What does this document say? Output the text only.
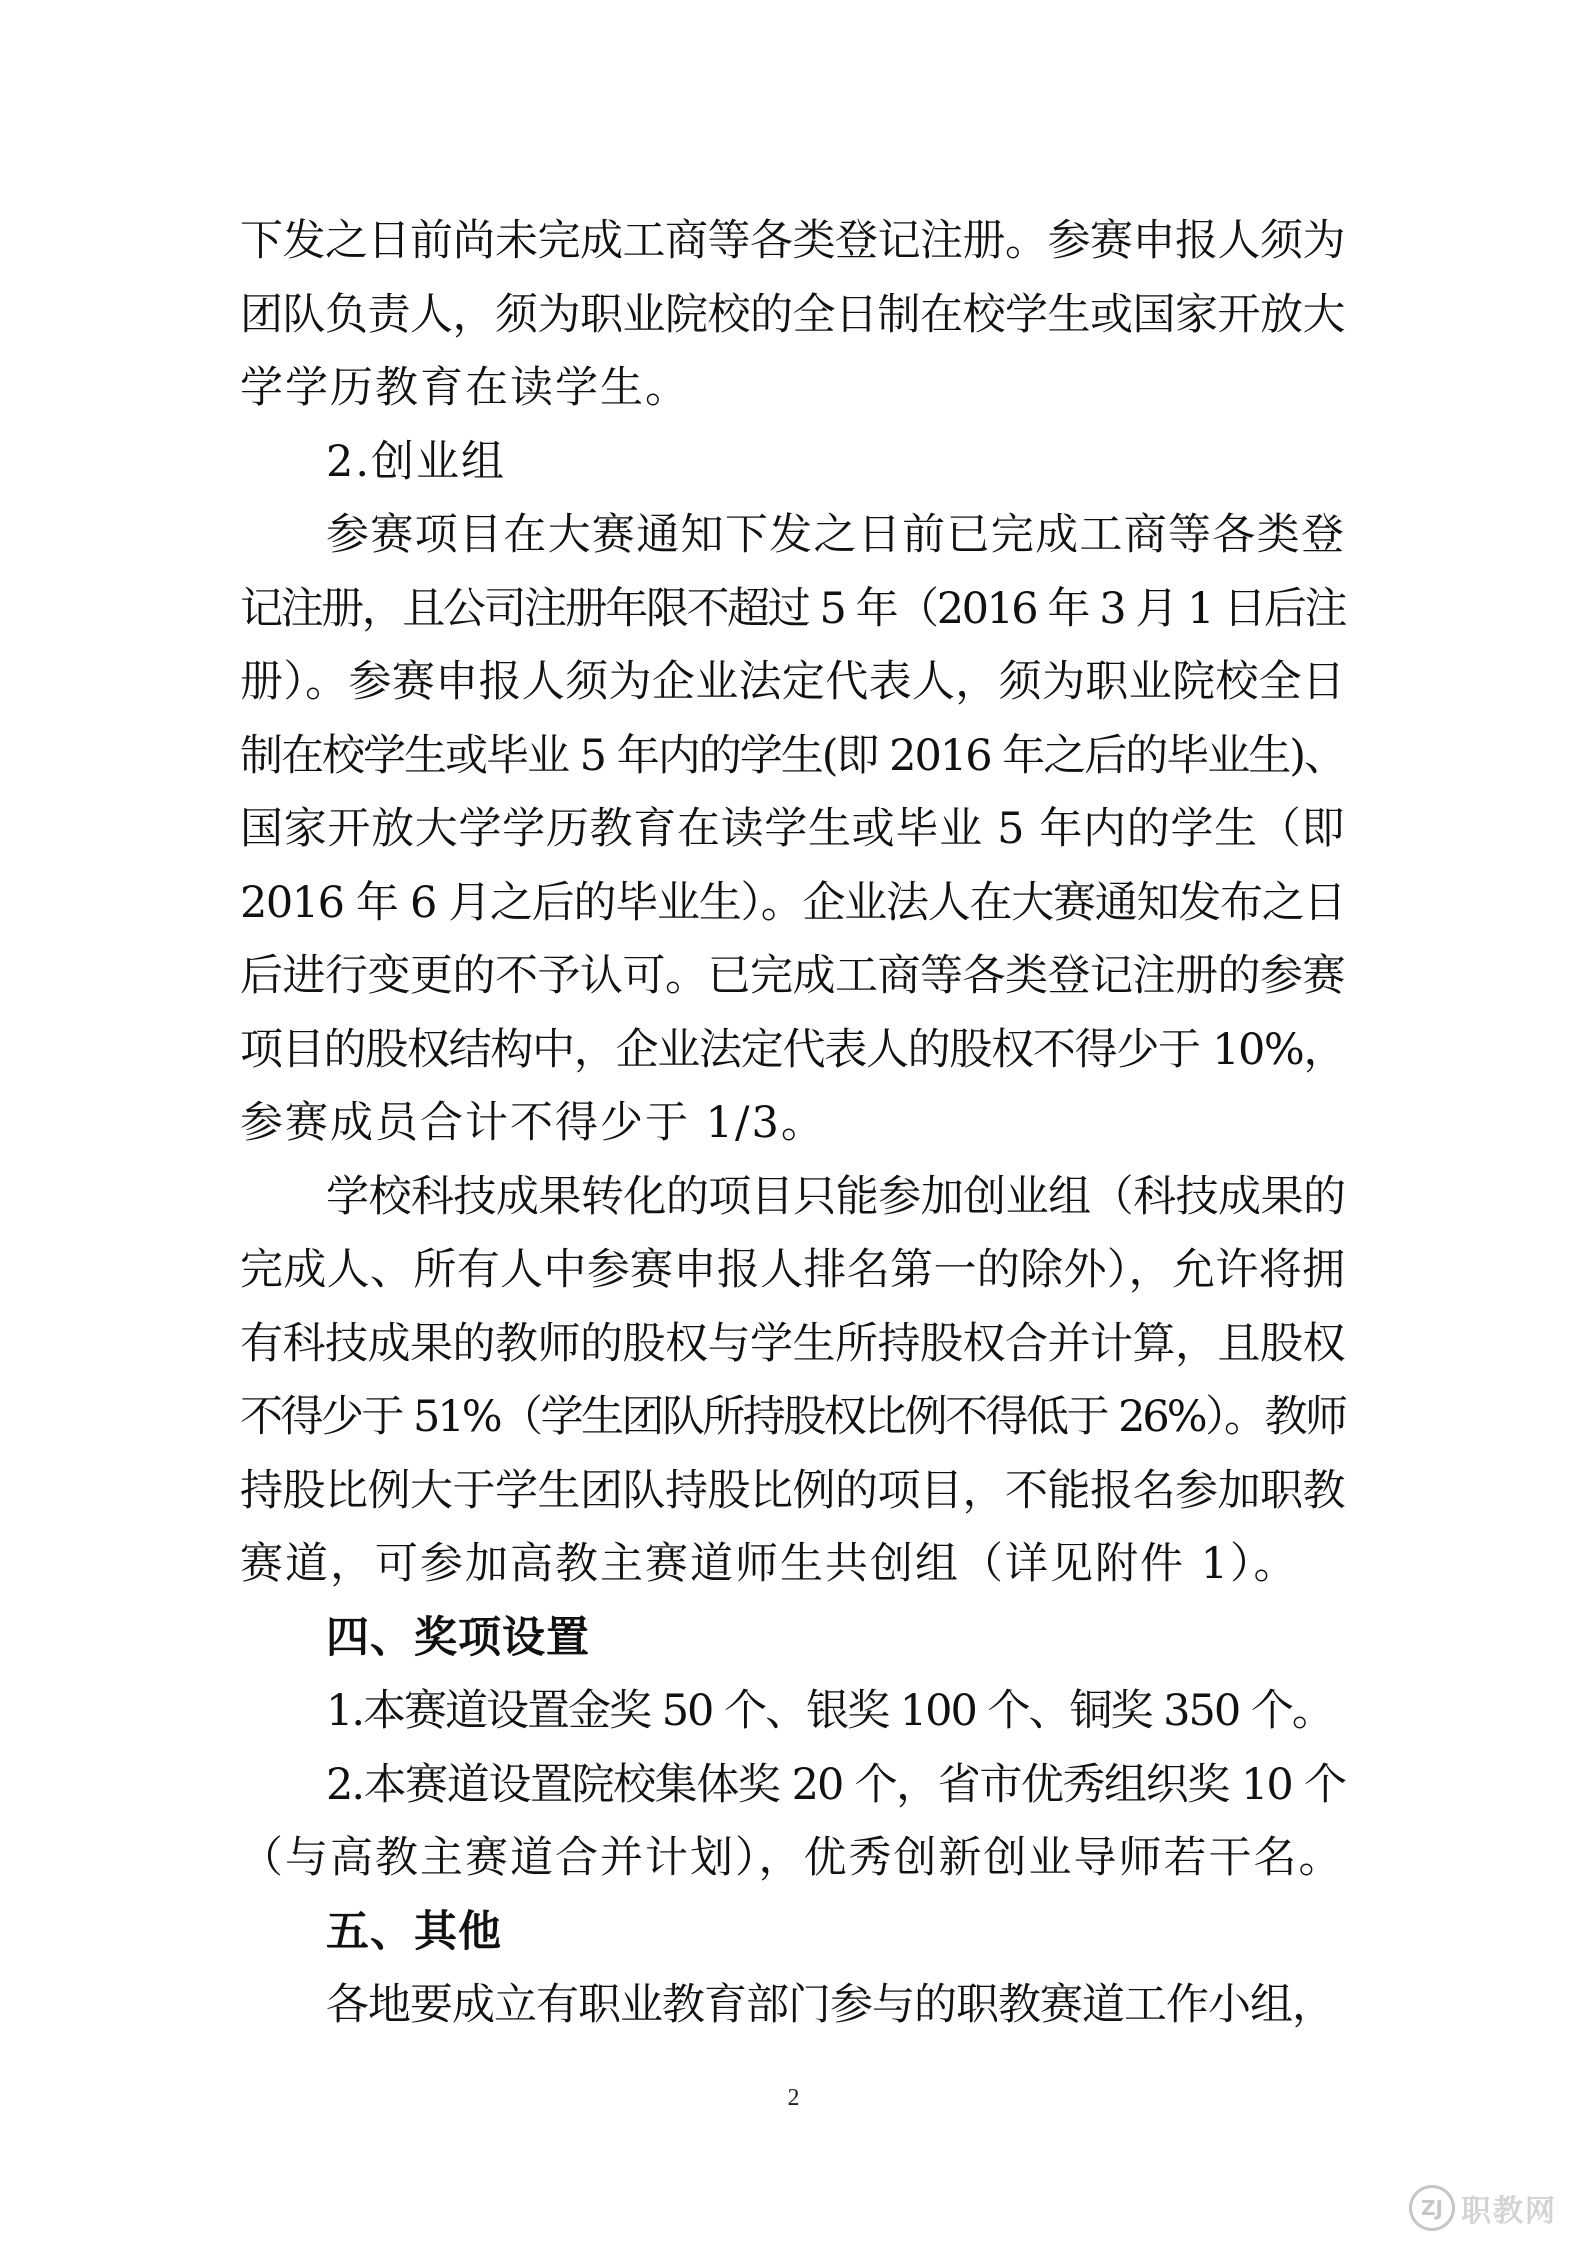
下发之日前尚未完成工商等各类登记注册。参赛申报人须为
团队负责人，须为职业院校的全日制在校学生或国家开放大
学学历教育在读学生。
2.创业组
参赛项目在大赛通知下发之日前已完成工商等各类登
记注册，且公司注册年限不超过 5 年（2016 年 3 月 1 日后注
册）。参赛申报人须为企业法定代表人，须为职业院校全日
制在校学生或毕业 5 年内的学生(即 2016 年之后的毕业生)、
国家开放大学学历教育在读学生或毕业 5 年内的学生（即
2016 年 6 月之后的毕业生）。企业法人在大赛通知发布之日
后进行变更的不予认可。已完成工商等各类登记注册的参赛
项目的股权结构中，企业法定代表人的股权不得少于 10%，
参赛成员合计不得少于 1/3。
学校科技成果转化的项目只能参加创业组（科技成果的
完成人、所有人中参赛申报人排名第一的除外），允许将拥
有科技成果的教师的股权与学生所持股权合并计算，且股权
不得少于 51%（学生团队所持股权比例不得低于 26%）。教师
持股比例大于学生团队持股比例的项目，不能报名参加职教
赛道，可参加高教主赛道师生共创组（详见附件 1）。
四、奖项设置
1.本赛道设置金奖 50 个、银奖 100 个、铜奖 350 个。
2.本赛道设置院校集体奖 20 个，省市优秀组织奖 10 个
（与高教主赛道合并计划），优秀创新创业导师若干名。
五、其他
各地要成立有职业教育部门参与的职教赛道工作小组，
2
ZJ 职教网
